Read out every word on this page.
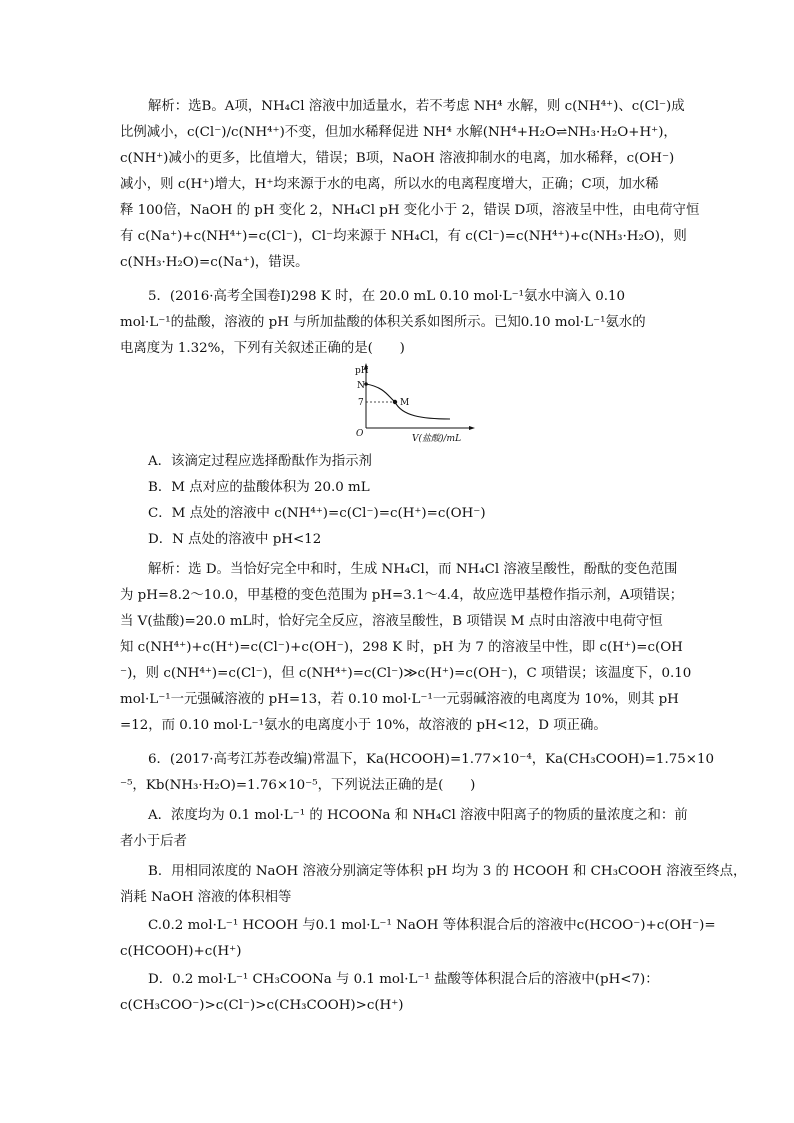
解析：选B。A项，NH₄Cl 溶液中加适量水，若不考虑 NH⁴ 水解，则 c(NH⁴⁺)、c(Cl⁻)成
比例减小，c(Cl⁻)/c(NH⁴⁺)不变，但加水稀释促进 NH⁴ 水解(NH⁴+H₂O⇌NH₃·H₂O+H⁺)，
c(NH⁺)减小的更多，比值增大，错误；B项，NaOH 溶液抑制水的电离，加水稀释，c(OH⁻)
减小，则 c(H⁺)增大，H⁺均来源于水的电离，所以水的电离程度增大，正确；C项，加水稀
释 100倍，NaOH 的 pH 变化 2，NH₄Cl pH 变化小于 2，错误 D项，溶液呈中性，由电荷守恒
有 c(Na⁺)+c(NH⁴⁺)=c(Cl⁻)，Cl⁻均来源于 NH₄Cl，有 c(Cl⁻)=c(NH⁴⁺)+c(NH₃·H₂O)，则
c(NH₃·H₂O)=c(Na⁺)，错误。
5．(2016·高考全国卷Ⅰ)298 K 时，在 20.0 mL 0.10 mol·L⁻¹氨水中滴入 0.10
mol·L⁻¹的盐酸，溶液的 pH 与所加盐酸的体积关系如图所示。已知0.10 mol·L⁻¹氨水的
电离度为 1.32%，下列有关叙述正确的是(　　)
pH
N
7	M
O	V(盐酸)/mL
A．该滴定过程应选择酚酞作为指示剂
B．M 点对应的盐酸体积为 20.0 mL
C．M 点处的溶液中 c(NH⁴⁺)=c(Cl⁻)=c(H⁺)=c(OH⁻)
D．N 点处的溶液中 pH<12
解析：选 D。当恰好完全中和时，生成 NH₄Cl，而 NH₄Cl 溶液呈酸性，酚酞的变色范围
为 pH=8.2～10.0，甲基橙的变色范围为 pH=3.1～4.4，故应选甲基橙作指示剂，A项错误；
当 V(盐酸)=20.0 mL时，恰好完全反应，溶液呈酸性，B 项错误 M 点时由溶液中电荷守恒
知 c(NH⁴⁺)+c(H⁺)=c(Cl⁻)+c(OH⁻)，298 K 时，pH 为 7 的溶液呈中性，即 c(H⁺)=c(OH
⁻)，则 c(NH⁴⁺)=c(Cl⁻)，但 c(NH⁴⁺)=c(Cl⁻)≫c(H⁺)=c(OH⁻)，C 项错误；该温度下，0.10
mol·L⁻¹一元强碱溶液的 pH=13，若 0.10 mol·L⁻¹一元弱碱溶液的电离度为 10%，则其 pH
=12，而 0.10 mol·L⁻¹氨水的电离度小于 10%，故溶液的 pH<12，D 项正确。
6．(2017·高考江苏卷改编)常温下，Ka(HCOOH)=1.77×10⁻⁴，Ka(CH₃COOH)=1.75×10
⁻⁵，Kb(NH₃·H₂O)=1.76×10⁻⁵，下列说法正确的是(　　)
A．浓度均为 0.1 mol·L⁻¹ 的 HCOONa 和 NH₄Cl 溶液中阳离子的物质的量浓度之和：前
者小于后者
B．用相同浓度的 NaOH 溶液分别滴定等体积 pH 均为 3 的 HCOOH 和 CH₃COOH 溶液至终点，
消耗 NaOH 溶液的体积相等
C.0.2 mol·L⁻¹ HCOOH 与0.1 mol·L⁻¹ NaOH 等体积混合后的溶液中c(HCOO⁻)+c(OH⁻)=
c(HCOOH)+c(H⁺)
D．0.2 mol·L⁻¹ CH₃COONa 与 0.1 mol·L⁻¹ 盐酸等体积混合后的溶液中(pH<7)：
c(CH₃COO⁻)>c(Cl⁻)>c(CH₃COOH)>c(H⁺)
